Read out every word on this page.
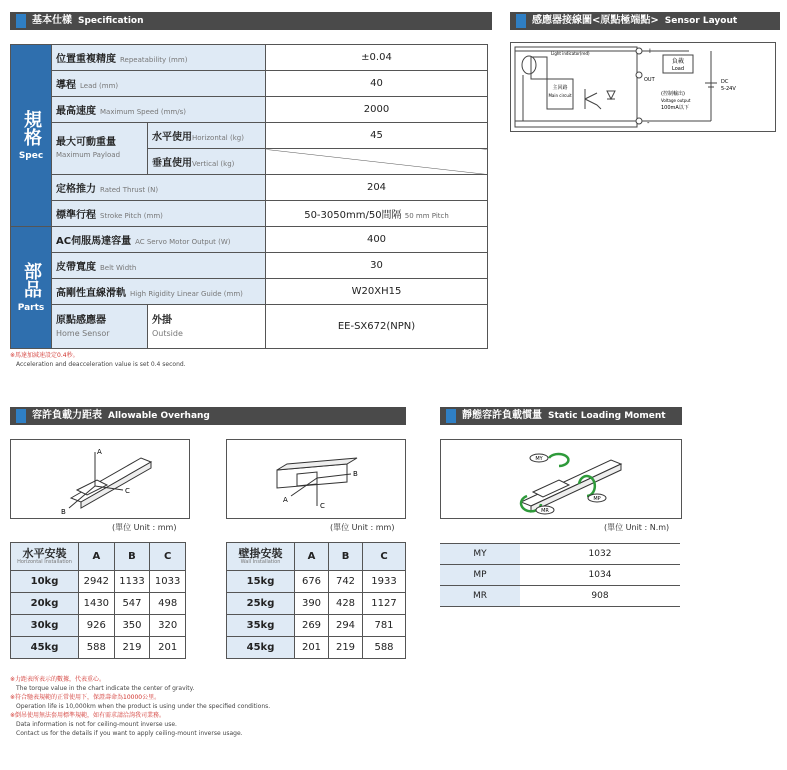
基本仕樣 Specification
規格
Spec	位置重複精度 Repeatability (mm)		±0.04
	導程 Lead (mm)		40
	最高速度 Maximum Speed (mm/s)		2000
	最大可動重量
Maximum Payload	水平使用Horizontal (kg)	45
		垂直使用Vertical (kg)	
	定格推力 Rated Thrust (N)		204
	標準行程 Stroke Pitch (mm)		50-3050mm/50間隔 50 mm Pitch
部品
Parts	AC伺服馬達容量 AC Servo Motor Output (W)		400
	皮帶寬度 Belt Width		30
	高剛性直線滑軌 High Rigidity Linear Guide (mm)		W20XH15
	原點感應器
Home Sensor	外掛
Outside	EE-SX672(NPN)
※馬達加減速設定0.4秒。
Acceleration and deacceleration value is set 0.4 second.
感應器接線圖<原點極端點> Sensor Layout
主回路
Main circuit
Light indicator(red)	+
-
OUT
負載
Load
(控制輸出)
Voltage output
100mA以下
DC
5-24V
容許負載力距表 Allowable Overhang
A
C
B
(單位 Unit : mm)
A
B
C
(單位 Unit : mm)
水平安裝
Horizontal Installation	A	B	C
10kg	2942	1133	1033
20kg	1430	547	498
30kg	926	350	320
45kg	588	219	201
壁掛安裝
Wall Installation	A	B	C
15kg	676	742	1933
25kg	390	428	1127
35kg	269	294	781
45kg	201	219	588
※力距表所表示的數據，代表重心。
The torque value in the chart indicate the center of gravity.
※符合馳表規範的正常使用下，保證壽命為10000公里。
Operation life is 10,000km when the product is using under the specified conditions.
※倒吊使用無法套用標準規範，如有需求請洽詢我司業務。
Data information is not for ceiling-mount inverse use.
Contact us for the details if you want to apply ceiling-mount inverse usage.
靜態容許負載慣量 Static Loading Moment
MY
MP
MR
(單位 Unit : N.m)
MY	1032
MP	1034
MR	908
